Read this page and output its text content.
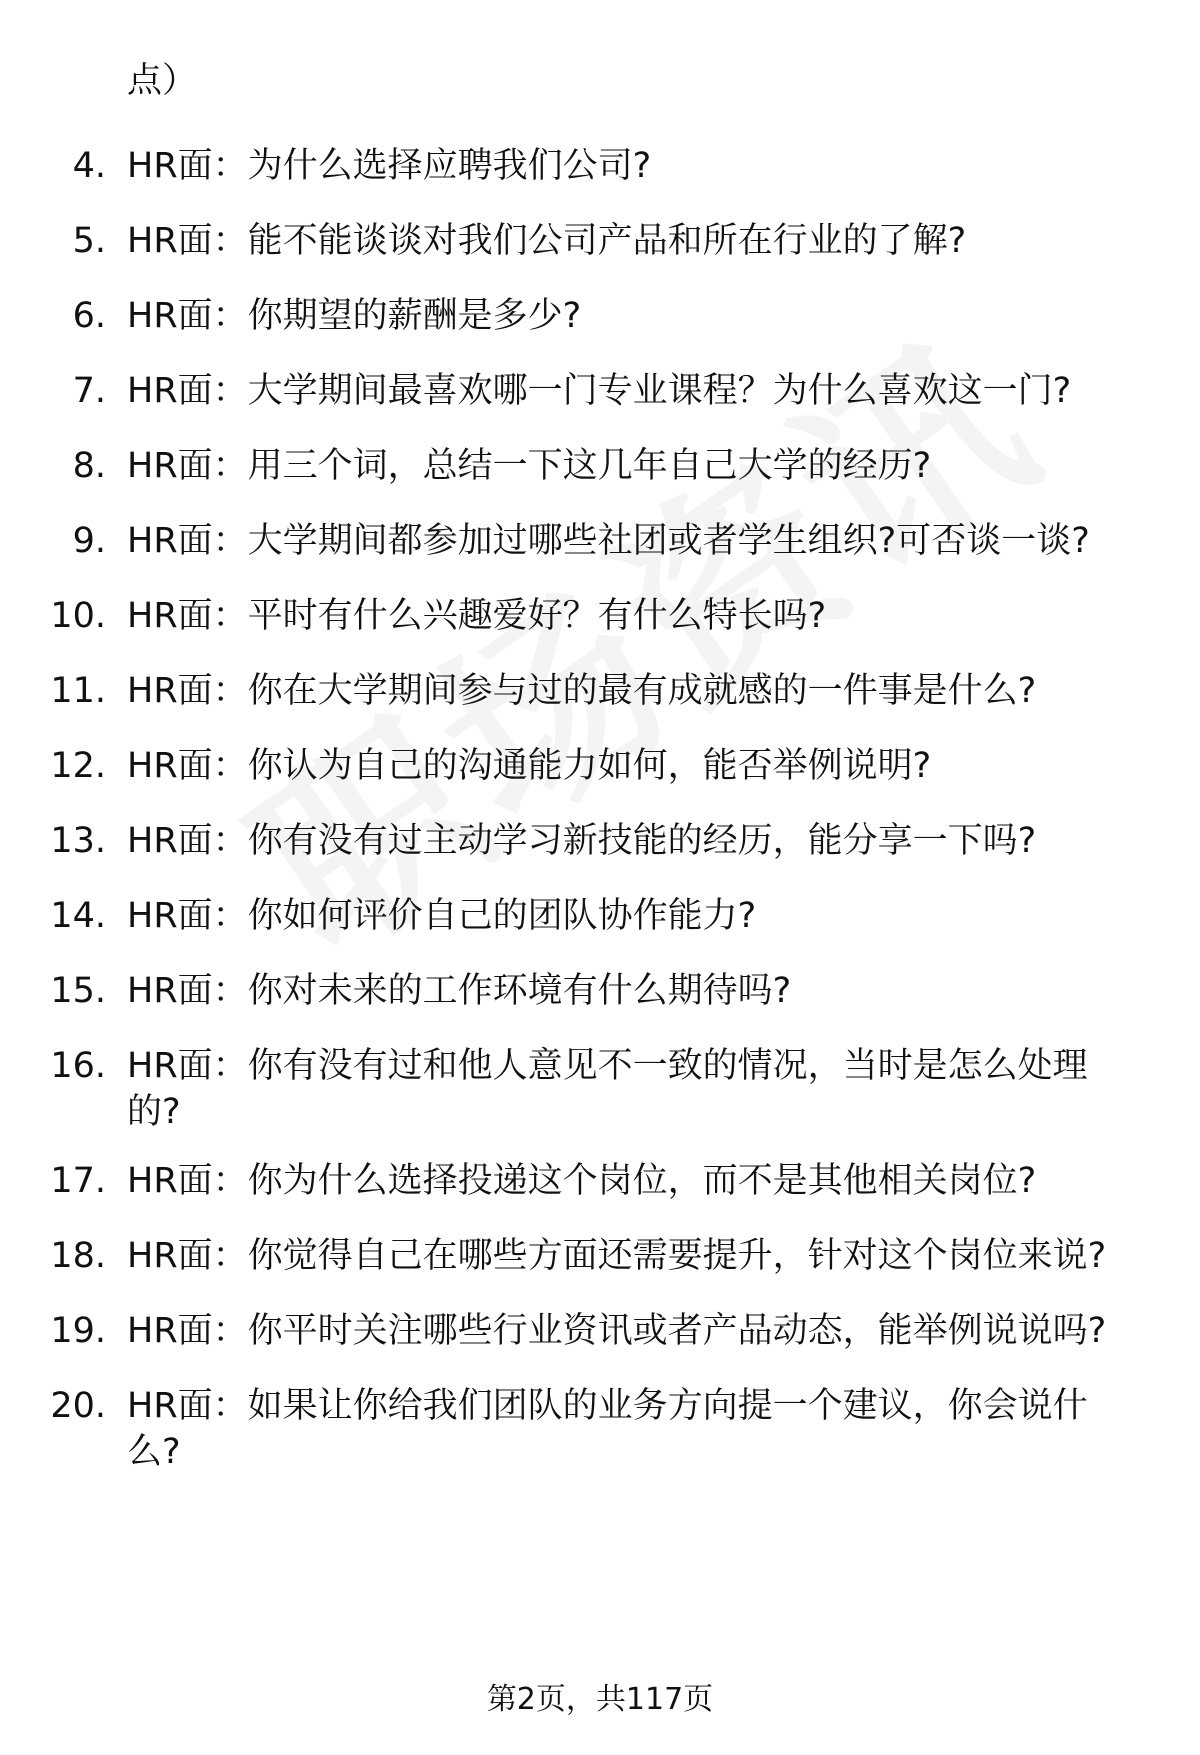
点）
4. HR面：为什么选择应聘我们公司?
5. HR面：能不能谈谈对我们公司产品和所在行业的了解?
6. HR面：你期望的薪酬是多少?
7. HR面：大学期间最喜欢哪一门专业课程？为什么喜欢这一门?
8. HR面：用三个词，总结一下这几年自己大学的经历?
9. HR面：大学期间都参加过哪些社团或者学生组织?可否谈一谈?
10. HR面：平时有什么兴趣爱好？有什么特长吗?
11. HR面：你在大学期间参与过的最有成就感的一件事是什么?
12. HR面：你认为自己的沟通能力如何，能否举例说明?
13. HR面：你有没有过主动学习新技能的经历，能分享一下吗?
14. HR面：你如何评价自己的团队协作能力?
15. HR面：你对未来的工作环境有什么期待吗?
16. HR面：你有没有过和他人意见不一致的情况，当时是怎么处理的?
17. HR面：你为什么选择投递这个岗位，而不是其他相关岗位?
18. HR面：你觉得自己在哪些方面还需要提升，针对这个岗位来说?
19. HR面：你平时关注哪些行业资讯或者产品动态，能举例说说吗?
20. HR面：如果让你给我们团队的业务方向提一个建议，你会说什么?
第2页，共117页
